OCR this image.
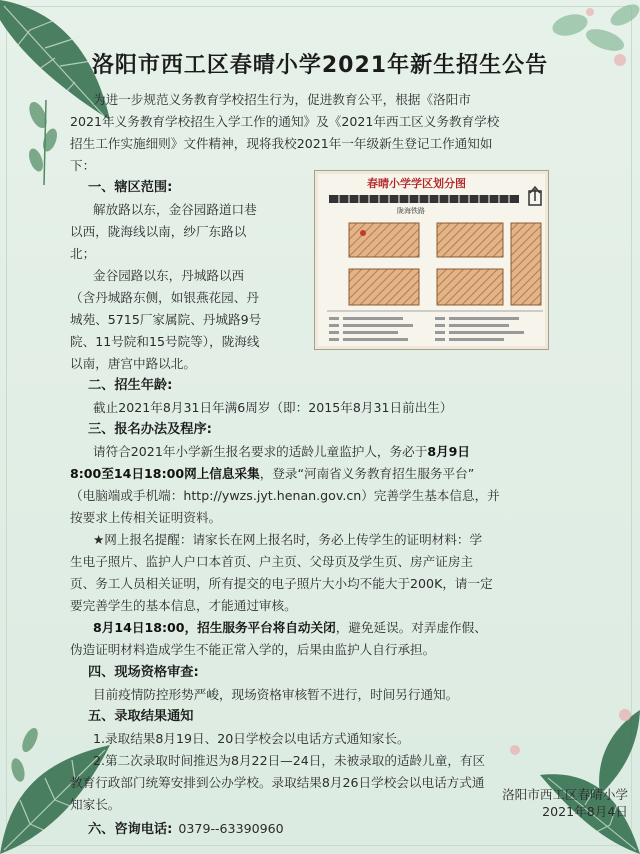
洛阳市西工区春晴小学2021年新生招生公告
为进一步规范义务教育学校招生行为，促进教育公平，根据《洛阳市
2021年义务教育学校招生入学工作的通知》及《2021年西工区义务教育学校
招生工作实施细则》文件精神，现将我校2021年一年级新生登记工作通知如
下：
一、辖区范围:
解放路以东，金谷园路道口巷
以西，陇海线以南，纱厂东路以
北；
金谷园路以东，丹城路以西
（含丹城路东侧，如银燕花园、丹
城苑、5715厂家属院、丹城路9号
院、11号院和15号院等），陇海线
以南，唐宫中路以北。
春晴小学学区划分图
陇海铁路
二、招生年龄:
截止2021年8月31日年满6周岁（即：2015年8月31日前出生）
三、报名办法及程序:
请符合2021年小学新生报名要求的适龄儿童监护人，务必于8月9日
8:00至14日18:00网上信息采集，登录“河南省义务教育招生服务平台”
（电脑端或手机端：http://ywzs.jyt.henan.gov.cn）完善学生基本信息，并
按要求上传相关证明资料。
★网上报名提醒：请家长在网上报名时，务必上传学生的证明材料：学
生电子照片、监护人户口本首页、户主页、父母页及学生页、房产证房主
页、务工人员相关证明，所有提交的电子照片大小均不能大于200K，请一定
要完善学生的基本信息，才能通过审核。
8月14日18:00，招生服务平台将自动关闭，避免延误。对弄虚作假、
伪造证明材料造成学生不能正常入学的，后果由监护人自行承担。
四、现场资格审查:
目前疫情防控形势严峻，现场资格审核暂不进行，时间另行通知。
五、录取结果通知
1.录取结果8月19日、20日学校会以电话方式通知家长。
2.第二次录取时间推迟为8月22日—24日，未被录取的适龄儿童，有区
教育行政部门统筹安排到公办学校。录取结果8月26日学校会以电话方式通
知家长。
六、咨询电话: 0379--63390960
洛阳市西工区春晴小学
2021年8月4日
